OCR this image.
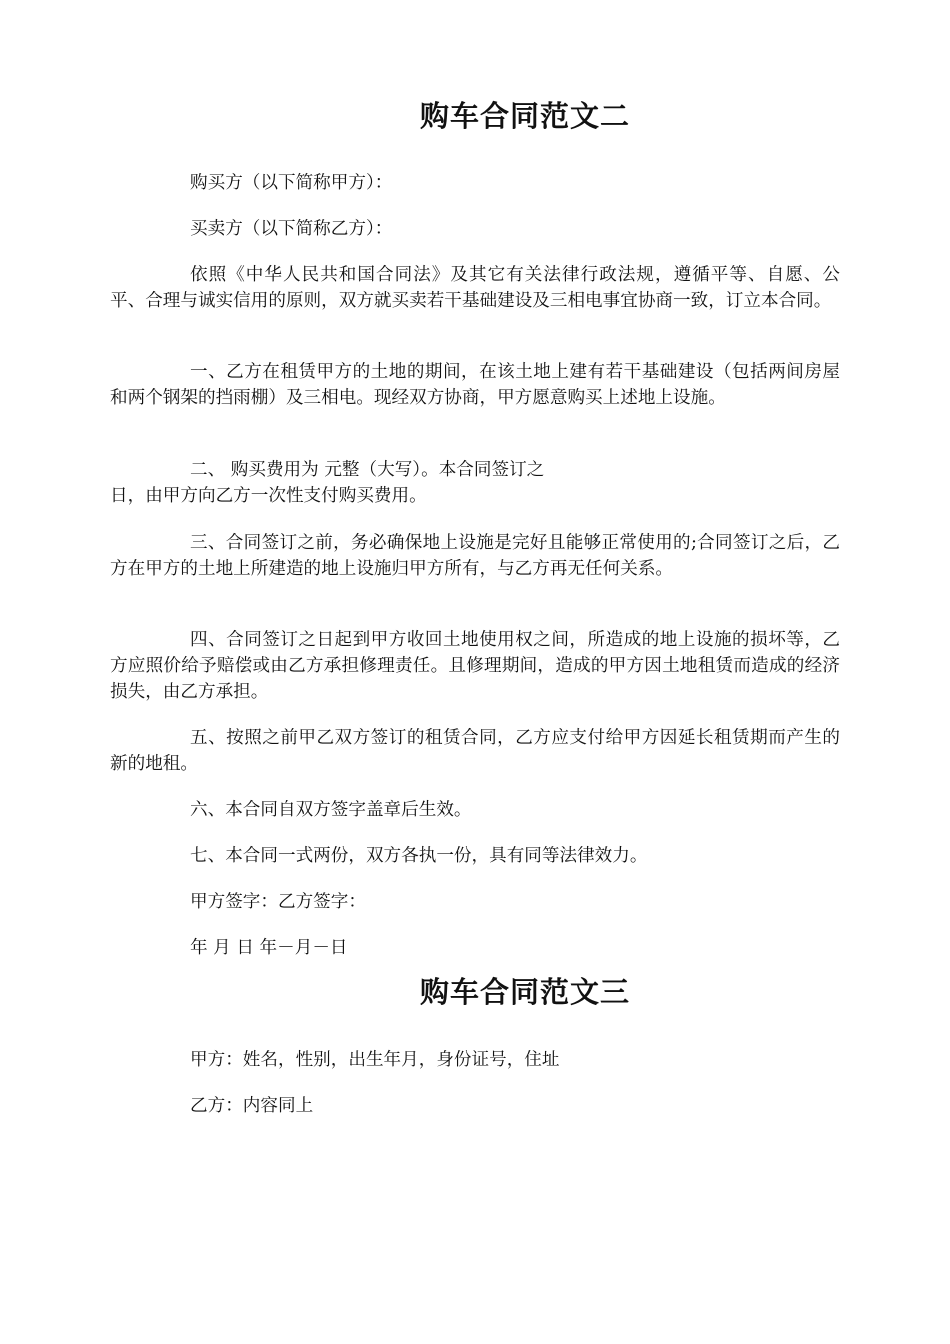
购车合同范文二

购买方（以下简称甲方）：

买卖方（以下简称乙方）：

依照《中华人民共和国合同法》及其它有关法律行政法规，遵循平等、自愿、公平、合理与诚实信用的原则，双方就买卖若干基础建设及三相电事宜协商一致，订立本合同。

一、乙方在租赁甲方的土地的期间，在该土地上建有若干基础建设（包括两间房屋和两个钢架的挡雨棚）及三相电。现经双方协商，甲方愿意购买上述地上设施。

二、 购买费用为 元整（大写）。本合同签订之
日，由甲方向乙方一次性支付购买费用。

三、合同签订之前，务必确保地上设施是完好且能够正常使用的;合同签订之后，乙方在甲方的土地上所建造的地上设施归甲方所有，与乙方再无任何关系。

四、合同签订之日起到甲方收回土地使用权之间，所造成的地上设施的损坏等，乙方应照价给予赔偿或由乙方承担修理责任。且修理期间，造成的甲方因土地租赁而造成的经济损失，由乙方承担。

五、按照之前甲乙双方签订的租赁合同，乙方应支付给甲方因延长租赁期而产生的新的地租。

六、本合同自双方签字盖章后生效。

七、本合同一式两份，双方各执一份，具有同等法律效力。

甲方签字：乙方签字：

年 月 日 年－月－日

购车合同范文三

甲方：姓名，性别，出生年月，身份证号，住址

乙方：内容同上
